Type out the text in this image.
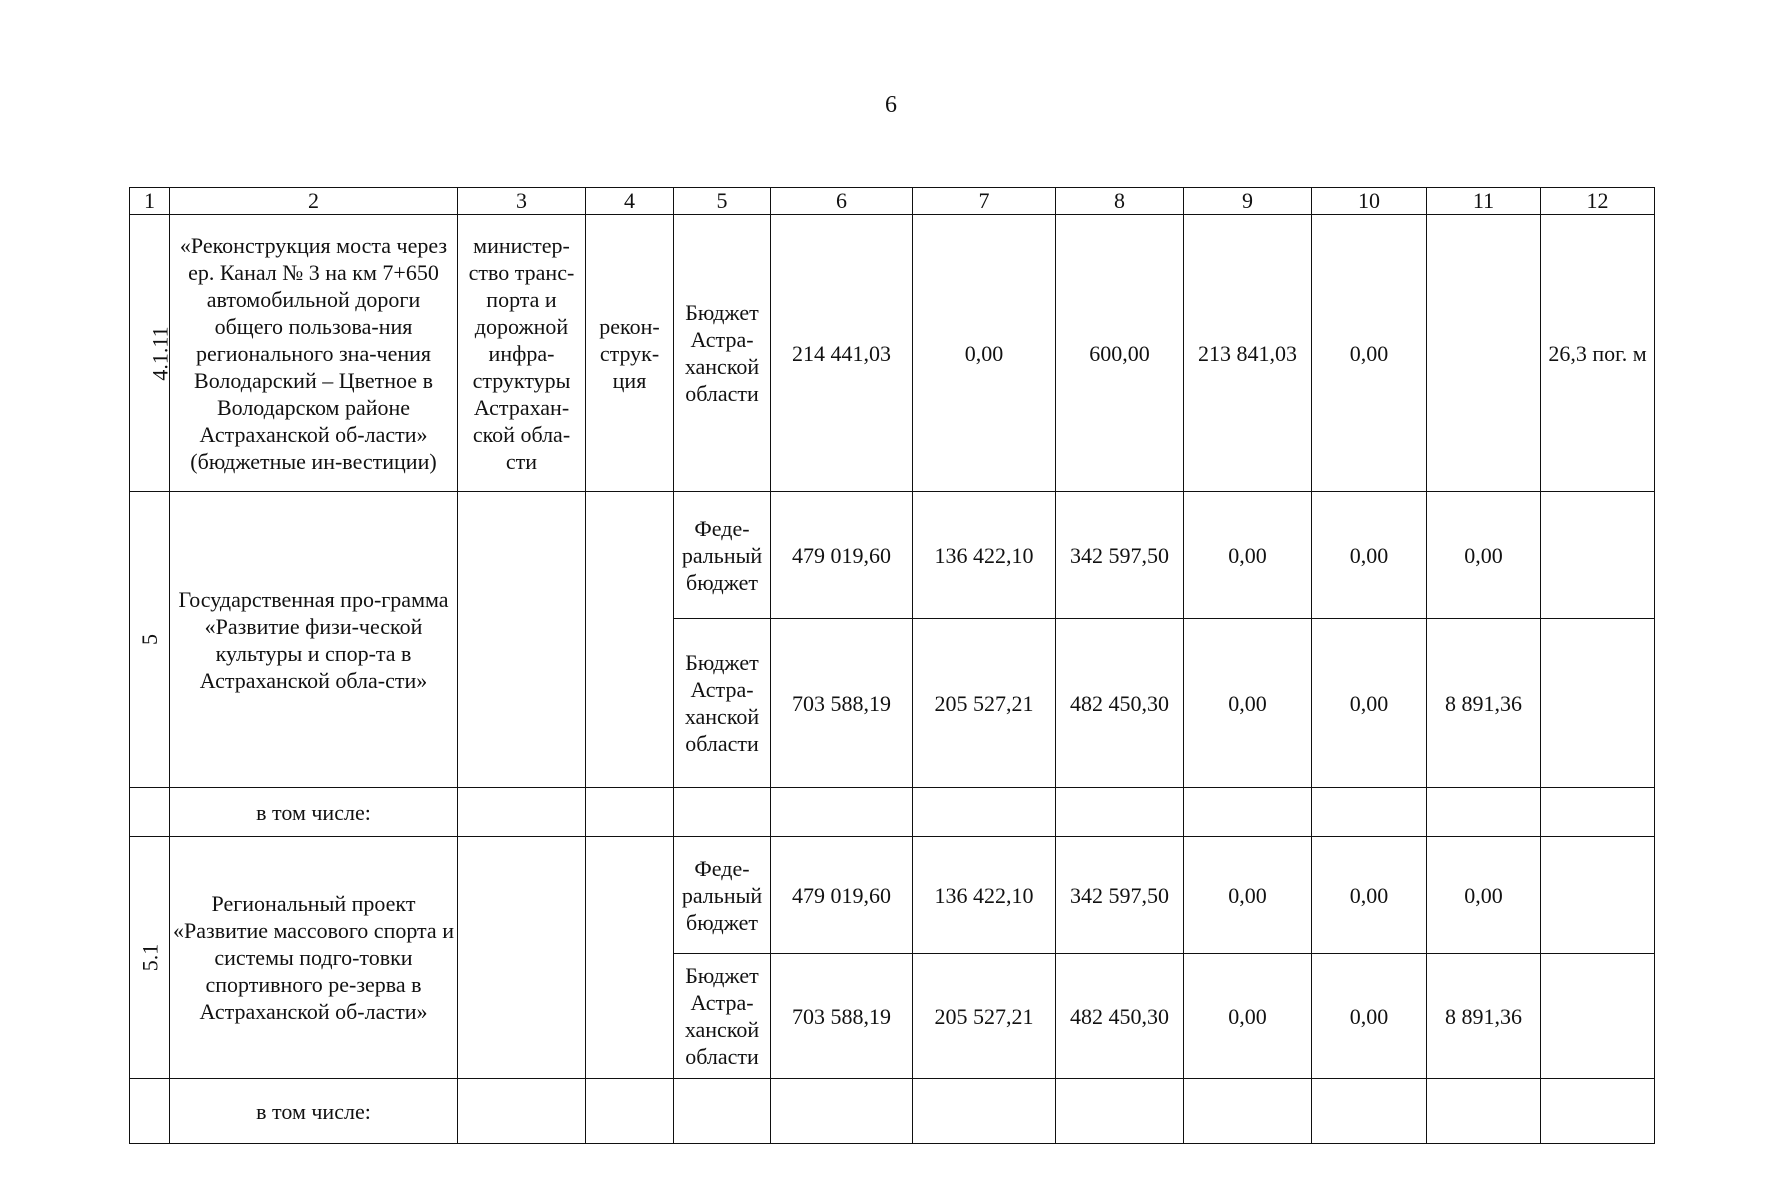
6
1	2	3	4	5	6	7	8	9	10	11	12
4.1.11	«Реконструкция моста через ер. Канал № 3 на км 7+650 автомобильной дороги общего пользова-ния регионального зна-чения Володарский – Цветное в Володарском районе Астраханской об-ласти» (бюджетные ин-вестиции)	министер-ство транс-порта и дорожной инфра-структуры Астрахан-ской обла-сти	рекон-струк-ция	Бюджет Астра-ханской области	214 441,03	0,00	600,00	213 841,03	0,00		26,3 пог. м
5	Государственная про-грамма «Развитие физи-ческой культуры и спор-та в Астраханской обла-сти»			Феде-ральный бюджет	479 019,60	136 422,10	342 597,50	0,00	0,00	0,00	
				Бюджет Астра-ханской области	703 588,19	205 527,21	482 450,30	0,00	0,00	8 891,36	
	в том числе:										
5.1	Региональный проект «Развитие массового спорта и системы подго-товки спортивного ре-зерва в Астраханской об-ласти»			Феде-ральный бюджет	479 019,60	136 422,10	342 597,50	0,00	0,00	0,00	
				Бюджет Астра-ханской области	703 588,19	205 527,21	482 450,30	0,00	0,00	8 891,36	
	в том числе:										
